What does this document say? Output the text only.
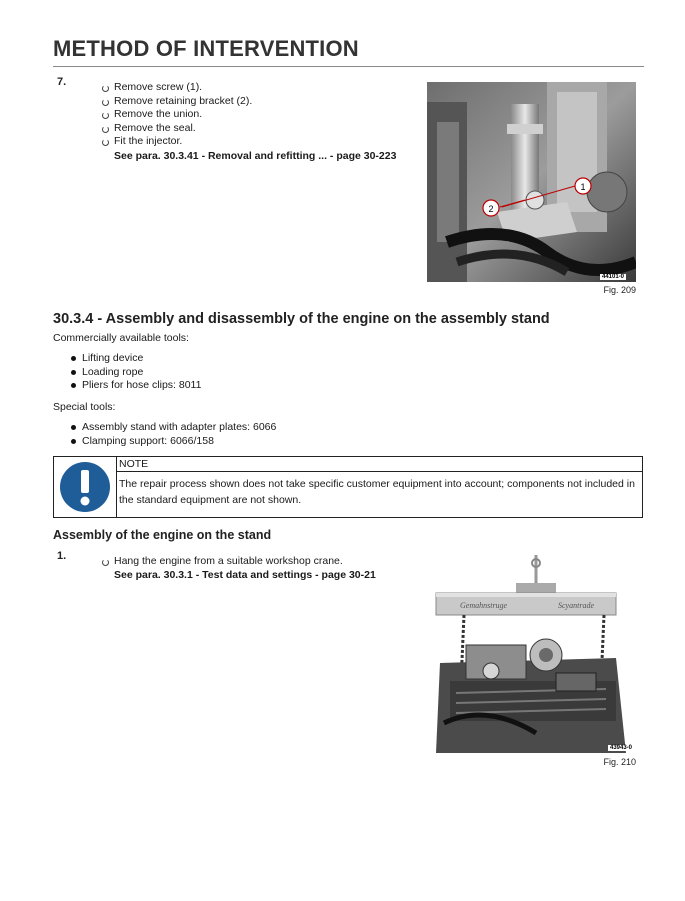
METHOD OF INTERVENTION
7.	Remove screw (1).
Remove retaining bracket (2).
Remove the union.
Remove the seal.
Fit the injector.
See para. 30.3.41 - Removal and refitting ... - page 30-223
1
2
44101-0
Fig. 209
30.3.4 - Assembly and disassembly of the engine on the assembly stand
Commercially available tools:
Lifting device
Loading rope
Pliers for hose clips: 8011
Special tools:
Assembly stand with adapter plates: 6066
Clamping support: 6066/158
NOTE
The repair process shown does not take specific customer equipment into account; components not included in the standard equipment are not shown.
Assembly of the engine on the stand
1.	Hang the engine from a suitable workshop crane.
See para. 30.3.1 - Test data and settings - page 30-21
Gemahnstruge	Scyantrade
43943-0
Fig. 210
